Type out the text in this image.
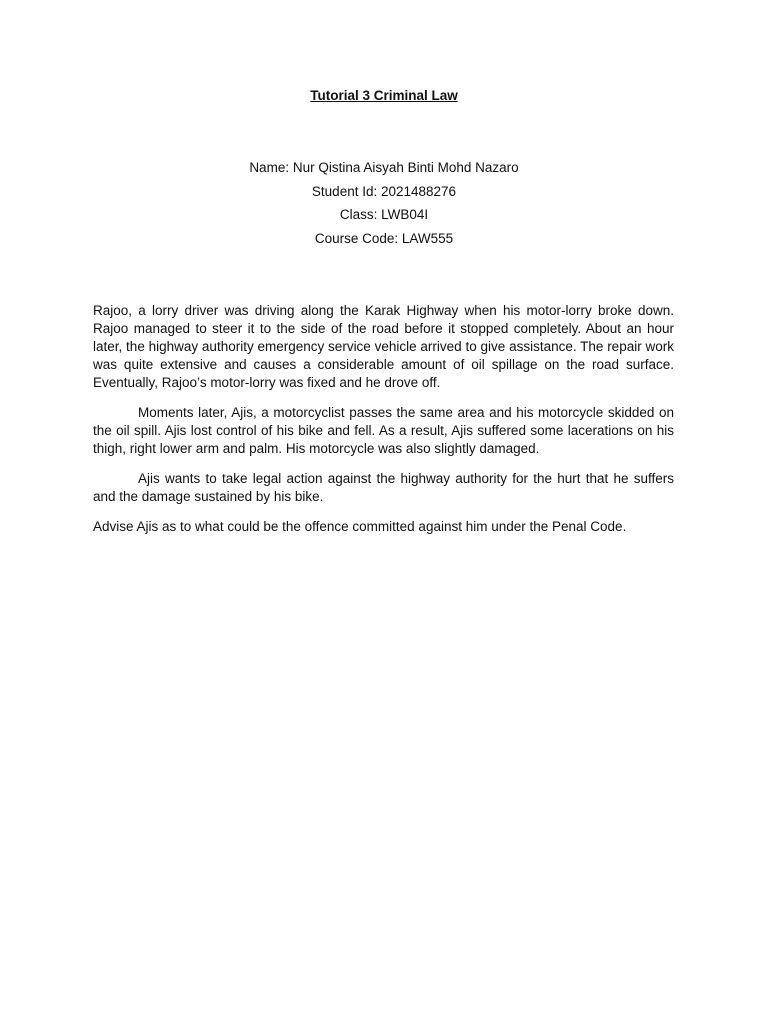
Tutorial 3 Criminal Law
Name: Nur Qistina Aisyah Binti Mohd Nazaro
Student Id: 2021488276
Class: LWB04I
Course Code: LAW555

Rajoo, a lorry driver was driving along the Karak Highway when his motor-lorry broke down. Rajoo managed to steer it to the side of the road before it stopped completely. About an hour later, the highway authority emergency service vehicle arrived to give assistance. The repair work was quite extensive and causes a considerable amount of oil spillage on the road surface. Eventually, Rajoo’s motor-lorry was fixed and he drove off.

Moments later, Ajis, a motorcyclist passes the same area and his motorcycle skidded on the oil spill. Ajis lost control of his bike and fell. As a result, Ajis suffered some lacerations on his thigh, right lower arm and palm. His motorcycle was also slightly damaged.

Ajis wants to take legal action against the highway authority for the hurt that he suffers and the damage sustained by his bike.

Advise Ajis as to what could be the offence committed against him under the Penal Code.
